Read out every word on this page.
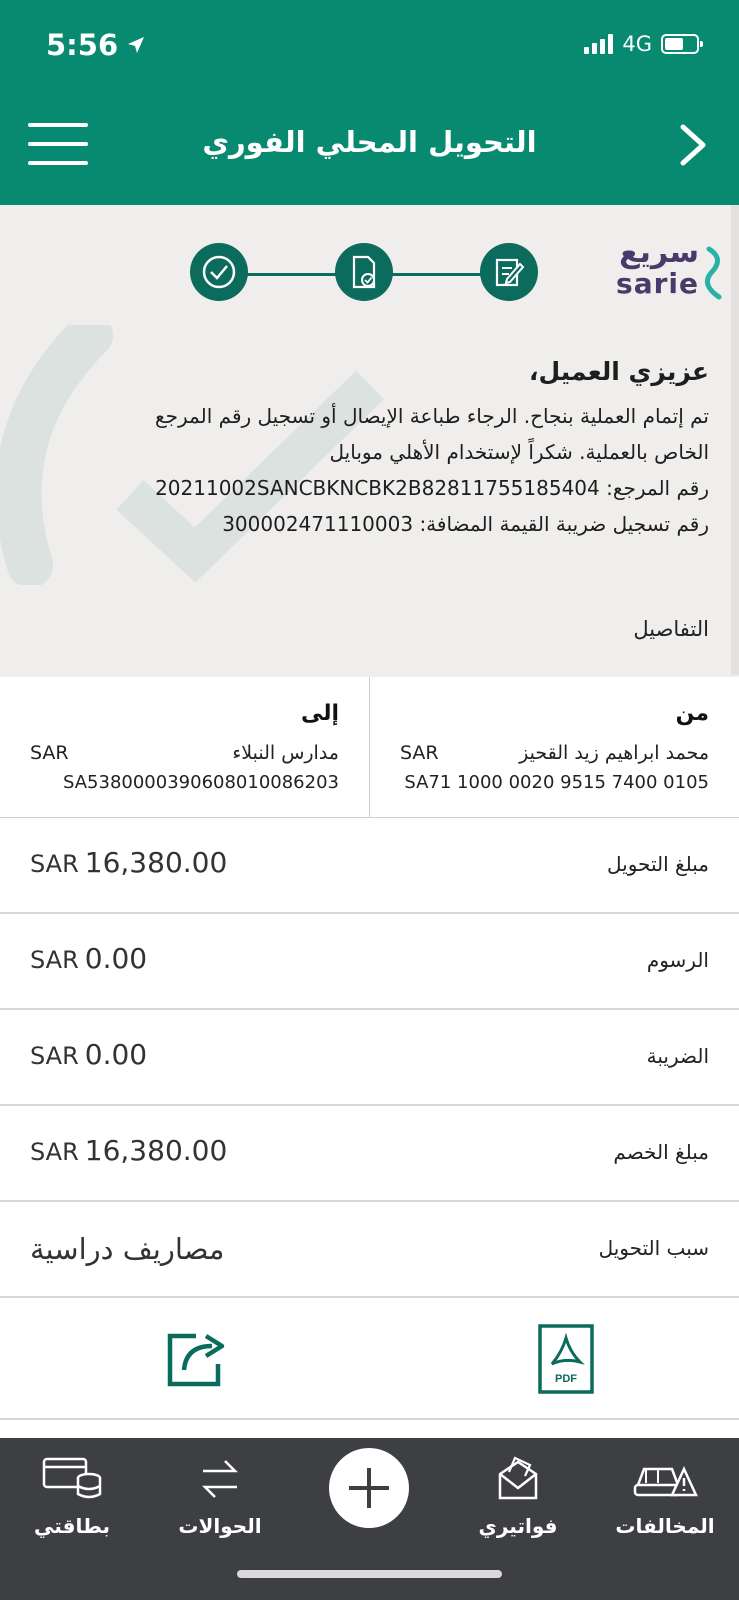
5:56	4G
التحويل المحلي الفوري
سريع
sarie
عزيزي العميل،
تم إتمام العملية بنجاح. الرجاء طباعة الإيصال أو تسجيل رقم المرجع
الخاص بالعملية. شكراً لإستخدام الأهلي موبايل
رقم المرجع: 20211002SANCBKNCBK2B82811755185404
رقم تسجيل ضريبة القيمة المضافة: 300002471110003
التفاصيل
من
SAR	محمد ابراهيم زيد القحيز
SA71 1000 0020 9515 7400 0105
إلى
SAR	مدارس النبلاء
SA5380000390608010086203
مبلغ التحويل
SAR 16,380.00
الرسوم
SAR 0.00
الضريبة
SAR 0.00
مبلغ الخصم
SAR 16,380.00
سبب التحويل
مصاريف دراسية
PDF
بطاقتي	الحوالات	فواتيري	المخالفات
